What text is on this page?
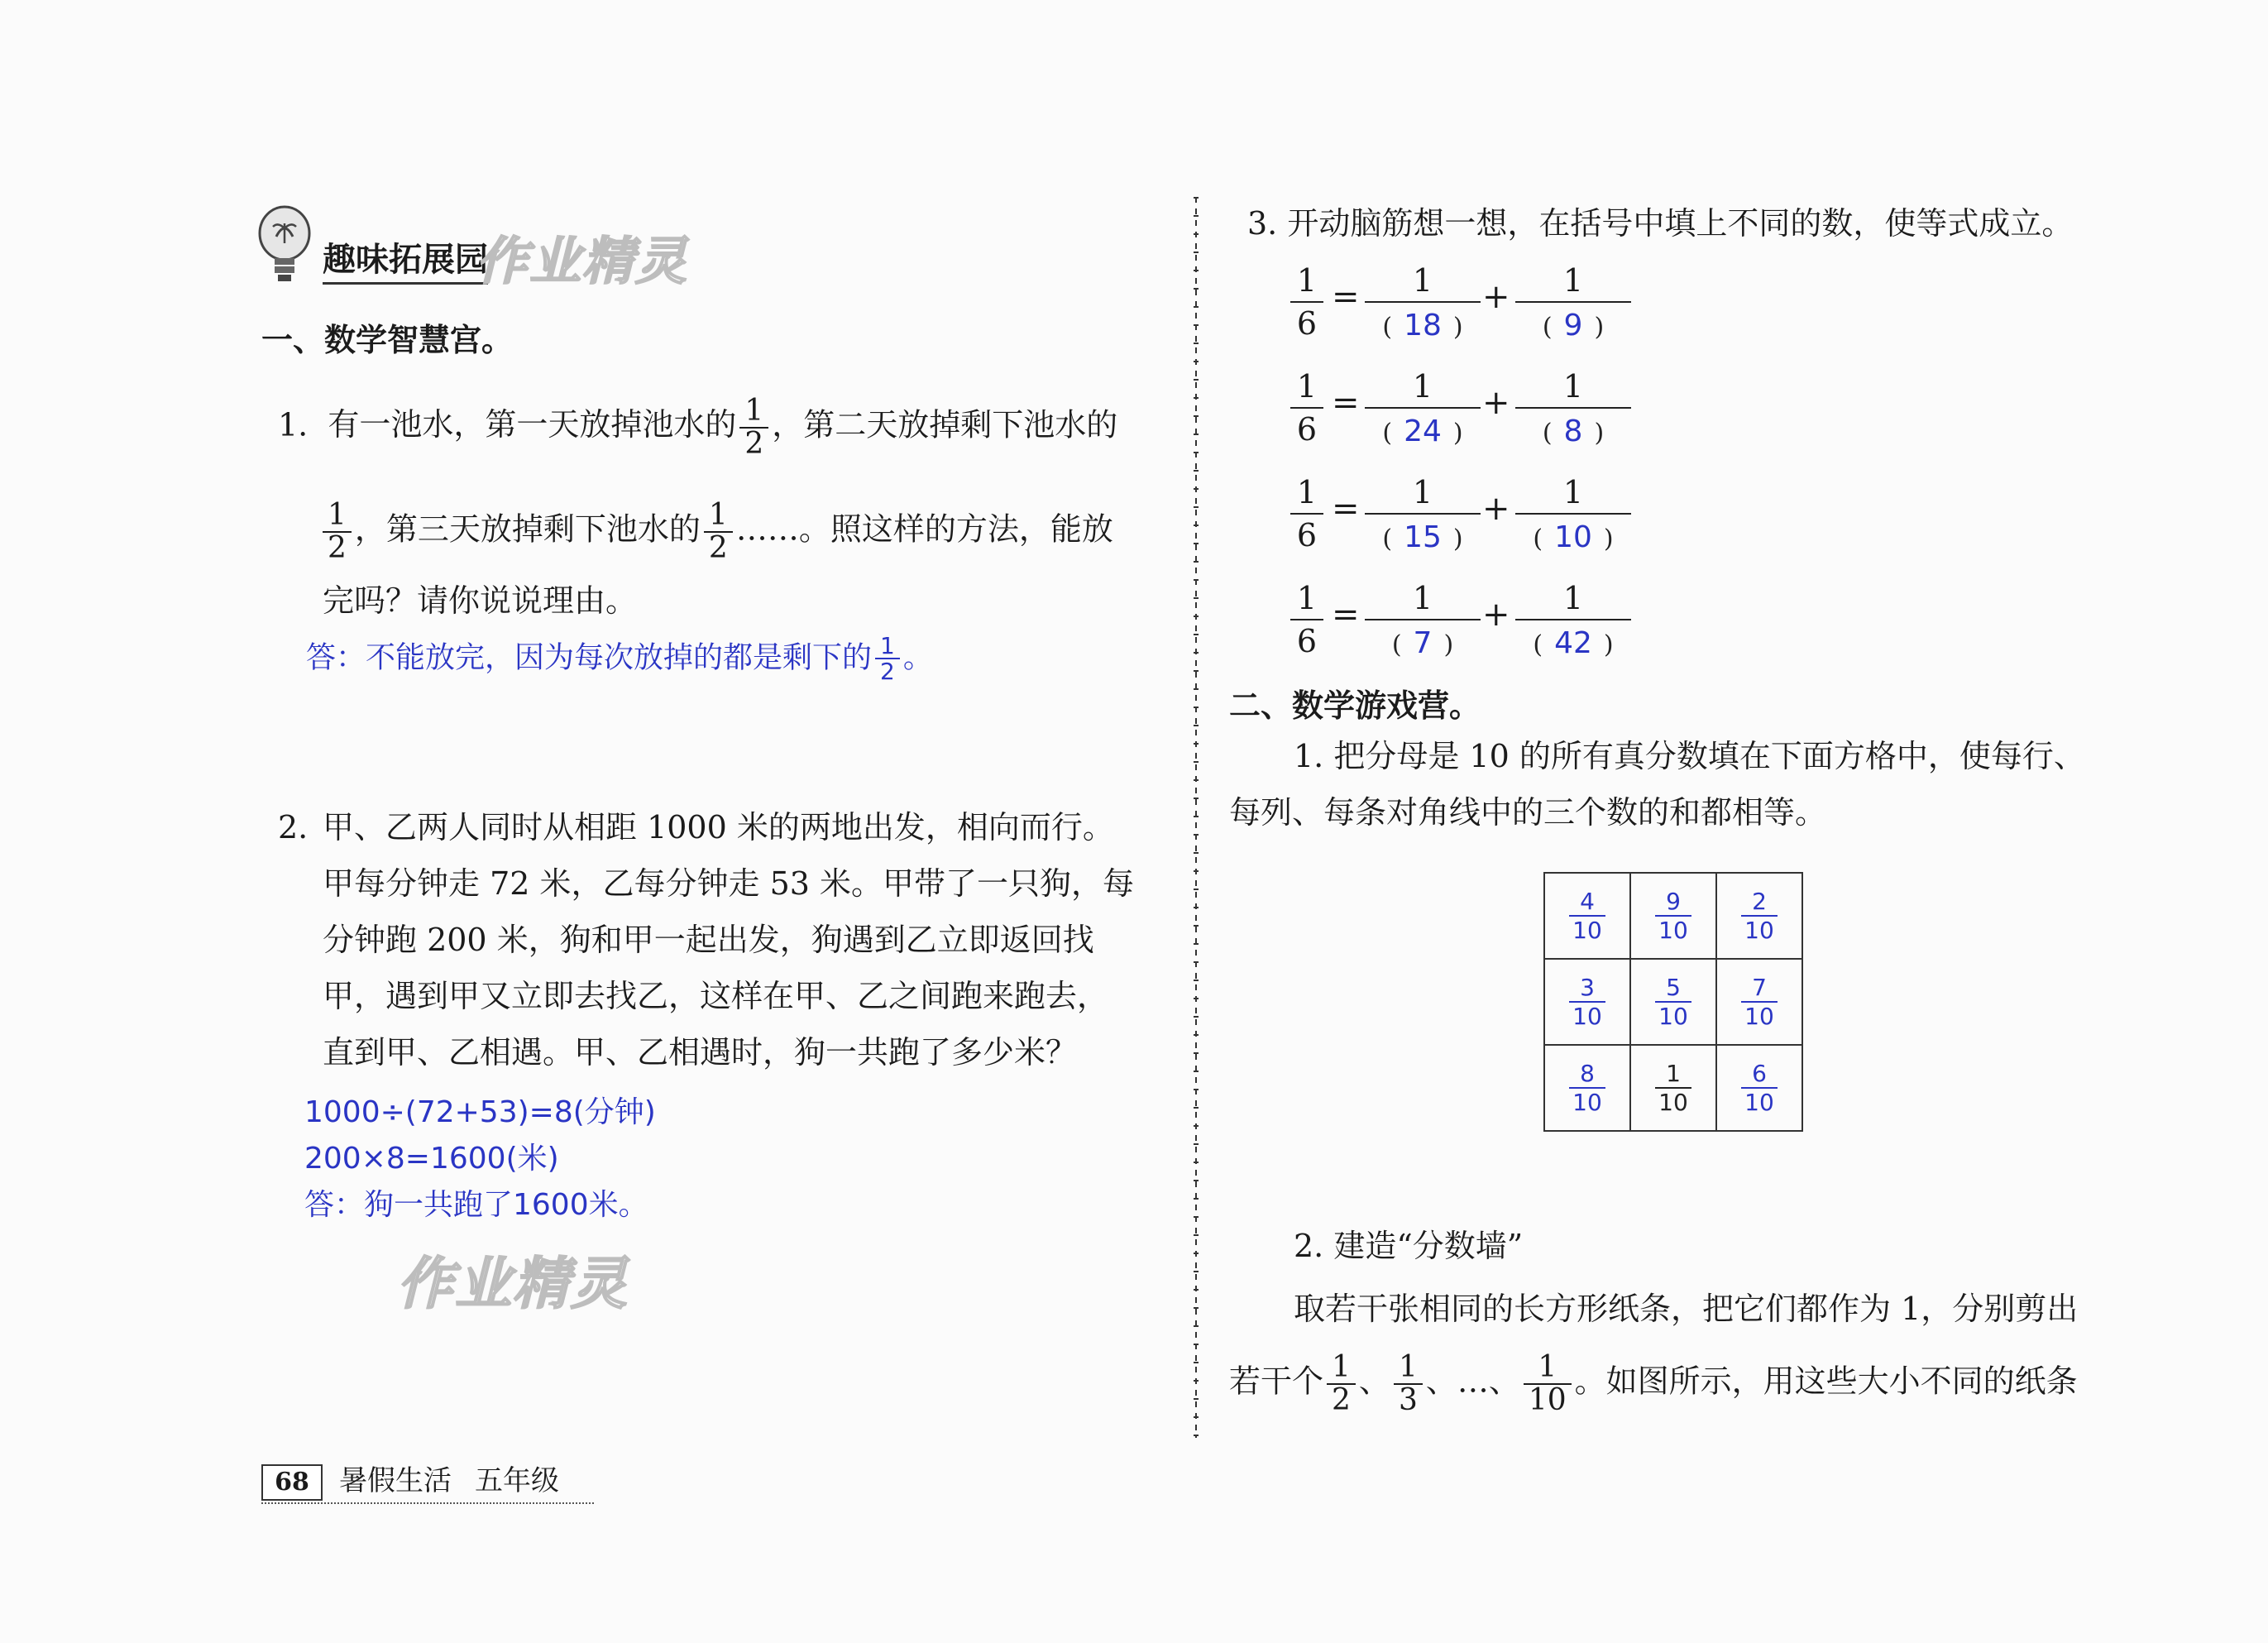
趣味拓展园
作业精灵
一、数学智慧宫。
1. 有一池水，第一天放掉池水的 $\frac{1}{2}$ ，第二天放掉剩下池水的
$\frac{1}{2}$ ，第三天放掉剩下池水的 $\frac{1}{2}$ ……。照这样的方法，能放
完吗？请你说说理由。
答：不能放完，因为每次放掉的都是剩下的 $\frac{1}{2}$ 。
2. 甲、乙两人同时从相距 1000 米的两地出发，相向而行。
甲每分钟走 72 米，乙每分钟走 53 米。甲带了一只狗，每
分钟跑 200 米，狗和甲一起出发，狗遇到乙立即返回找
甲，遇到甲又立即去找乙，这样在甲、乙之间跑来跑去，
直到甲、乙相遇。甲、乙相遇时，狗一共跑了多少米？
1000÷(72+53)=8(分钟)
200×8=1600(米)
答：狗一共跑了1600米。
作业精灵
3. 开动脑筋想一想，在括号中填上不同的数，使等式成立。
1
6
=	1
( 18 )
+	1
( 9 )
1
6
=	1
( 24 )
+	1
( 8 )
1
6
=	1
( 15 )
+	1
( 10 )
1
6
=	1
( 7 )
+	1
( 42 )
二、数学游戏营。
1. 把分母是 10 的所有真分数填在下面方格中，使每行、
每列、每条对角线中的三个数的和都相等。
$\frac{4}{10}$	$\frac{9}{10}$	$\frac{2}{10}$

$\frac{3}{10}$	$\frac{5}{10}$	$\frac{7}{10}$

$\frac{8}{10}$	$\frac{1}{10}$	$\frac{6}{10}$
2. 建造“分数墙”
取若干张相同的长方形纸条，把它们都作为 1，分别剪出
若干个 $\frac{1}{2}$ 、 $\frac{1}{3}$ 、…、 $\frac{1}{10}$ 。如图所示，用这些大小不同的纸条
68	暑假生活 五年级
